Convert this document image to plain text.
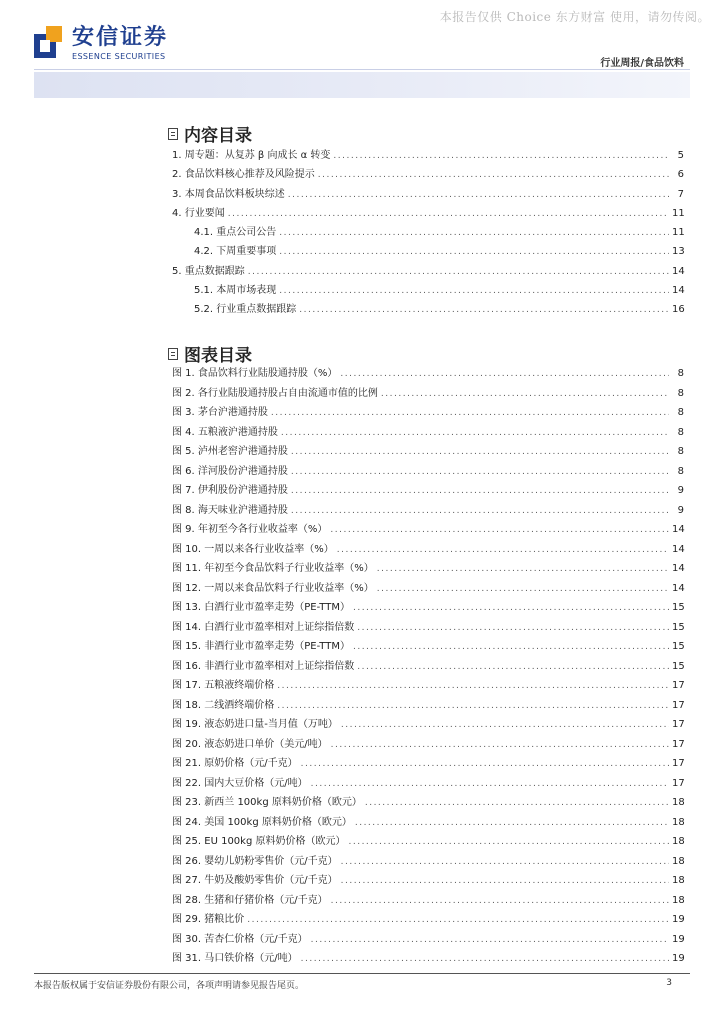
本报告仅供 Choice 东方财富 使用，请勿传阅。
安信证券
ESSENCE SECURITIES
行业周报/食品饮料
内容目录
1. 周专题：从复苏 β 向成长 α 转变 .....	5
2. 食品饮料核心推荐及风险提示 .....	6
3. 本周食品饮料板块综述 .....	7
4. 行业要闻 .....	11
4.1. 重点公司公告 .....	11
4.2. 下周重要事项 .....	13
5. 重点数据跟踪 .....	14
5.1. 本周市场表现 .....	14
5.2. 行业重点数据跟踪 .....	16
图表目录
图 1. 食品饮料行业陆股通持股（%） .....	8
图 2. 各行业陆股通持股占自由流通市值的比例 .....	8
图 3. 茅台沪港通持股 .....	8
图 4. 五粮液沪港通持股 .....	8
图 5. 泸州老窖沪港通持股 .....	8
图 6. 洋河股份沪港通持股 .....	8
图 7. 伊利股份沪港通持股 .....	9
图 8. 海天味业沪港通持股 .....	9
图 9. 年初至今各行业收益率（%） .....	14
图 10. 一周以来各行业收益率（%） .....	14
图 11. 年初至今食品饮料子行业收益率（%） .....	14
图 12. 一周以来食品饮料子行业收益率（%） .....	14
图 13. 白酒行业市盈率走势（PE-TTM） .....	15
图 14. 白酒行业市盈率相对上证综指倍数 .....	15
图 15. 非酒行业市盈率走势（PE-TTM） .....	15
图 16. 非酒行业市盈率相对上证综指倍数 .....	15
图 17. 五粮液终端价格 .....	17
图 18. 二线酒终端价格 .....	17
图 19. 液态奶进口量-当月值（万吨） .....	17
图 20. 液态奶进口单价（美元/吨） .....	17
图 21. 原奶价格（元/千克） .....	17
图 22. 国内大豆价格（元/吨） .....	17
图 23. 新西兰 100kg 原料奶价格（欧元） .....	18
图 24. 美国 100kg 原料奶价格（欧元） .....	18
图 25. EU 100kg 原料奶价格（欧元） .....	18
图 26. 婴幼儿奶粉零售价（元/千克） .....	18
图 27. 牛奶及酸奶零售价（元/千克） .....	18
图 28. 生猪和仔猪价格（元/千克） .....	18
图 29. 猪粮比价 .....	19
图 30. 苦杏仁价格（元/千克） .....	19
图 31. 马口铁价格（元/吨） .....	19
本报告版权属于安信证券股份有限公司，各项声明请参见报告尾页。	3
